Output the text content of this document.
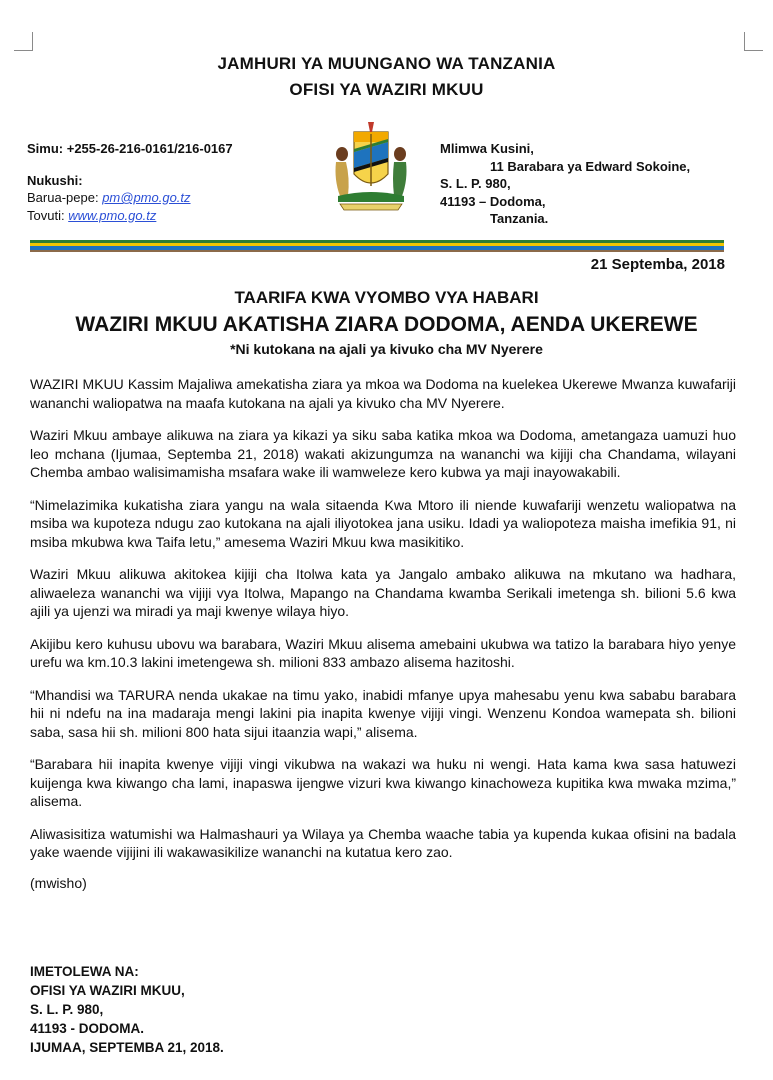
JAMHURI YA MUUNGANO WA TANZANIA
OFISI YA WAZIRI MKUU
Simu: +255-26-216-0161/216-0167
Nukushi:
Barua-pepe: pm@pmo.go.tz
Tovuti: www.pmo.go.tz
Mlimwa Kusini,
11 Barabara ya Edward Sokoine,
S. L. P. 980,
41193 – Dodoma,
Tanzania.
21 Septemba, 2018
TAARIFA KWA VYOMBO VYA HABARI
WAZIRI MKUU AKATISHA ZIARA DODOMA, AENDA UKEREWE
*Ni kutokana na ajali ya kivuko cha MV Nyerere

WAZIRI MKUU Kassim Majaliwa amekatisha ziara ya mkoa wa Dodoma na kuelekea Ukerewe Mwanza kuwafariji wananchi waliopatwa na maafa kutokana na ajali ya kivuko cha MV Nyerere.

Waziri Mkuu ambaye alikuwa na ziara ya kikazi ya siku saba katika mkoa wa Dodoma, ametangaza uamuzi huo leo mchana (Ijumaa, Septemba 21, 2018) wakati akizungumza na wananchi wa kijiji cha Chandama, wilayani Chemba ambao walisimamisha msafara wake ili wamweleze kero kubwa ya maji inayowakabili.

“Nimelazimika kukatisha ziara yangu na wala sitaenda Kwa Mtoro ili niende kuwafariji wenzetu waliopatwa na msiba wa kupoteza ndugu zao kutokana na ajali iliyotokea jana usiku. Idadi ya waliopoteza maisha imefikia 91, ni msiba mkubwa kwa Taifa letu,” amesema Waziri Mkuu kwa masikitiko.

Waziri Mkuu alikuwa akitokea kijiji cha Itolwa kata ya Jangalo ambako alikuwa na mkutano wa hadhara, aliwaeleza wananchi wa vijiji vya Itolwa, Mapango na Chandama kwamba Serikali imetenga sh. bilioni 5.6 kwa ajili ya ujenzi wa miradi ya maji kwenye wilaya hiyo.

Akijibu kero kuhusu ubovu wa barabara, Waziri Mkuu alisema amebaini ukubwa wa tatizo la barabara hiyo yenye urefu wa km.10.3 lakini imetengewa sh. milioni 833 ambazo alisema hazitoshi.

“Mhandisi wa TARURA nenda ukakae na timu yako, inabidi mfanye upya mahesabu yenu kwa sababu barabara hii ni ndefu na ina madaraja mengi lakini pia inapita kwenye vijiji vingi. Wenzenu Kondoa wamepata sh. bilioni saba, sasa hii sh. milioni 800 hata sijui itaanzia wapi,” alisema.

“Barabara hii inapita kwenye vijiji vingi vikubwa na wakazi wa huku ni wengi. Hata kama kwa sasa hatuwezi kuijenga kwa kiwango cha lami, inapaswa ijengwe vizuri kwa kiwango kinachoweza kupitika kwa mwaka mzima,” alisema.

Aliwasisitiza watumishi wa Halmashauri ya Wilaya ya Chemba waache tabia ya kupenda kukaa ofisini na badala yake waende vijijini ili wakawasikilize wananchi na kutatua kero zao.

(mwisho)

IMETOLEWA NA:
OFISI YA WAZIRI MKUU,
S. L. P. 980,
41193 - DODOMA.
IJUMAA, SEPTEMBA 21, 2018.
